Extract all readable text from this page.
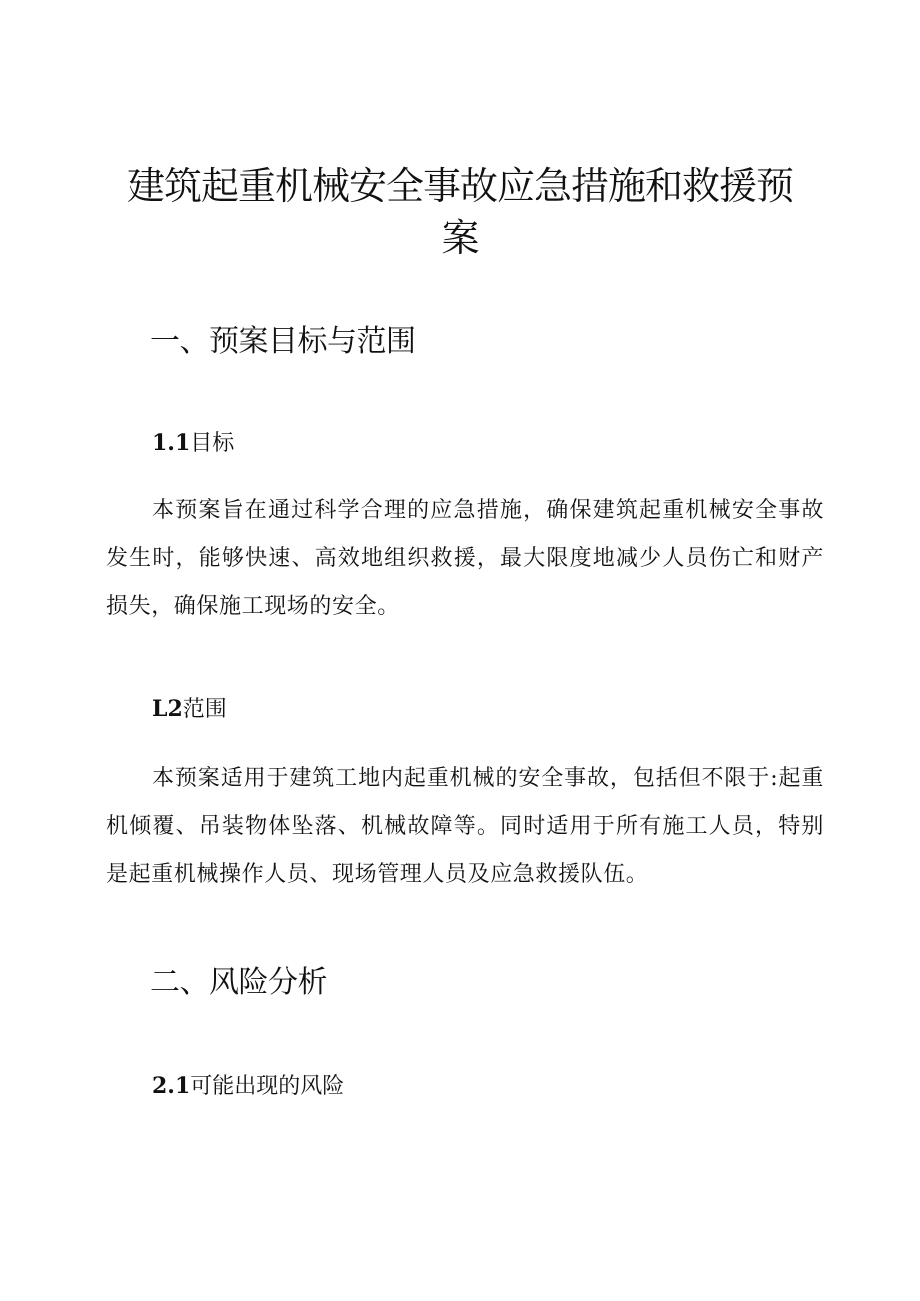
建筑起重机械安全事故应急措施和救援预案
一、预案目标与范围
1.1目标

本预案旨在通过科学合理的应急措施，确保建筑起重机械安全事故发生时，能够快速、高效地组织救援，最大限度地减少人员伤亡和财产损失，确保施工现场的安全。

L2范围

本预案适用于建筑工地内起重机械的安全事故，包括但不限于:起重机倾覆、吊装物体坠落、机械故障等。同时适用于所有施工人员，特别是起重机械操作人员、现场管理人员及应急救援队伍。

二、风险分析
2.1可能出现的风险
